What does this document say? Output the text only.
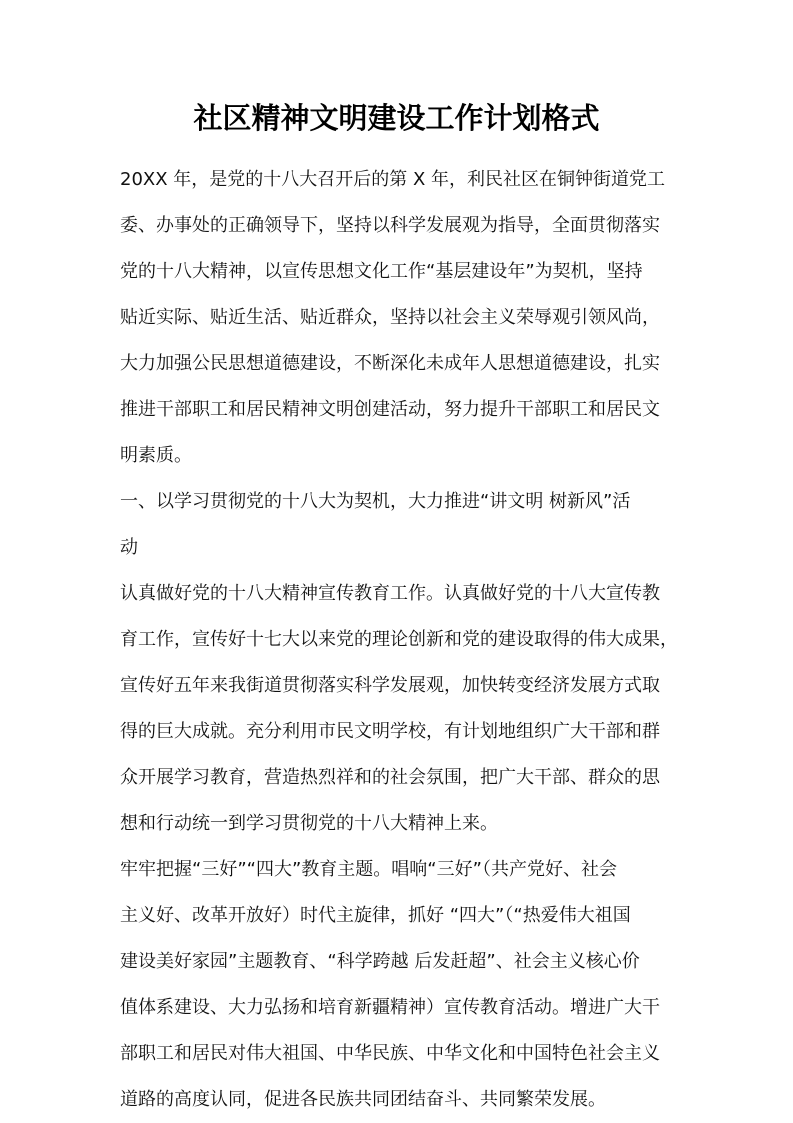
社区精神文明建设工作计划格式

20XX 年，是党的十八大召开后的第 X 年，利民社区在铜钟街道党工
委、办事处的正确领导下，坚持以科学发展观为指导，全面贯彻落实
党的十八大精神，以宣传思想文化工作“基层建设年”为契机，坚持
贴近实际、贴近生活、贴近群众，坚持以社会主义荣辱观引领风尚，
大力加强公民思想道德建设，不断深化未成年人思想道德建设，扎实
推进干部职工和居民精神文明创建活动，努力提升干部职工和居民文
明素质。

一、以学习贯彻党的十八大为契机，大力推进“讲文明 树新风”活
动

认真做好党的十八大精神宣传教育工作。认真做好党的十八大宣传教
育工作，宣传好十七大以来党的理论创新和党的建设取得的伟大成果，
宣传好五年来我街道贯彻落实科学发展观，加快转变经济发展方式取
得的巨大成就。充分利用市民文明学校，有计划地组织广大干部和群
众开展学习教育，营造热烈祥和的社会氛围，把广大干部、群众的思
想和行动统一到学习贯彻党的十八大精神上来。

牢牢把握“三好”“四大”教育主题。唱响“三好”（共产党好、社会
主义好、改革开放好）时代主旋律，抓好 “四大”（“热爱伟大祖国
建设美好家园”主题教育、“科学跨越 后发赶超”、社会主义核心价
值体系建设、大力弘扬和培育新疆精神）宣传教育活动。增进广大干
部职工和居民对伟大祖国、中华民族、中华文化和中国特色社会主义
道路的高度认同，促进各民族共同团结奋斗、共同繁荣发展。
